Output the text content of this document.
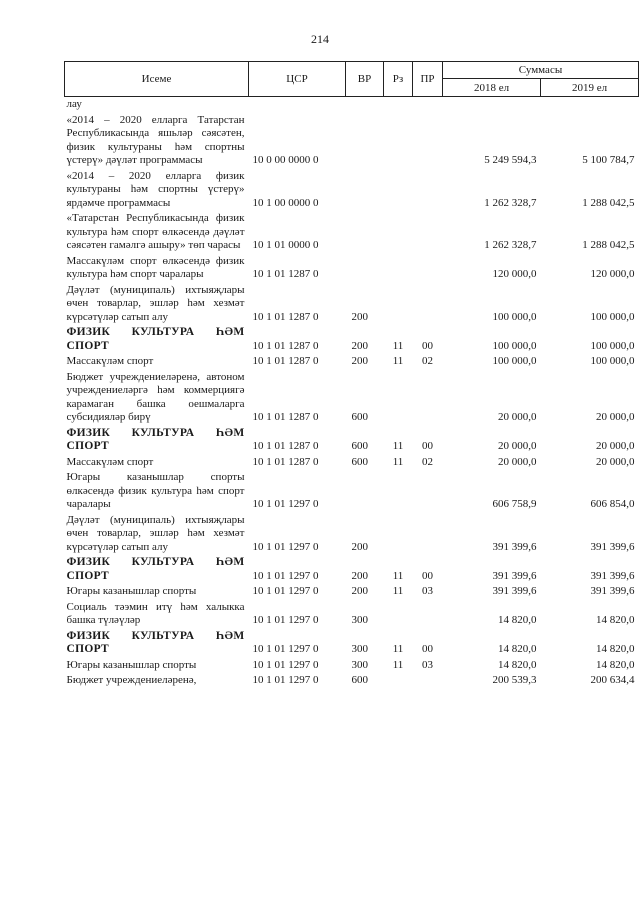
214
Исеме	ЦСР	ВР	Рз	ПР	Суммасы	
					2018 ел	2019 ел
лау						
«2014 – 2020 елларга Татарстан Республикасында яшьләр сәясәтен, физик культураны һәм спортны үстерү» дәүләт программасы	10 0 00 0000 0				5 249 594,3	5 100 784,7
«2014 – 2020 елларга физик культураны һәм спортны үстерү» ярдәмче программасы	10 1 00 0000 0				1 262 328,7	1 288 042,5
«Татарстан Республикасында физик культура һәм спорт өлкәсендә дәүләт сәясәтен гамәлгә ашыру» төп чарасы	10 1 01 0000 0				1 262 328,7	1 288 042,5
Массакүләм спорт өлкәсендә физик культура һәм спорт чаралары	10 1 01 1287 0				120 000,0	120 000,0
Дәүләт (муниципаль) ихтыяҗлары өчен товарлар, эшләр һәм хезмәт күрсәтүләр сатып алу	10 1 01 1287 0	200			100 000,0	100 000,0
ФИЗИК КУЛЬТУРА ҺӘМ СПОРТ	10 1 01 1287 0	200	11	00	100 000,0	100 000,0
Массакүләм спорт	10 1 01 1287 0	200	11	02	100 000,0	100 000,0
Бюджет учреждениеләренә, автоном учреждениеләргә һәм коммерциягә карамаган башка оешмаларга субсидияләр бирү	10 1 01 1287 0	600			20 000,0	20 000,0
ФИЗИК КУЛЬТУРА ҺӘМ СПОРТ	10 1 01 1287 0	600	11	00	20 000,0	20 000,0
Массакүләм спорт	10 1 01 1287 0	600	11	02	20 000,0	20 000,0
Югары казанышлар спорты өлкәсендә физик культура һәм спорт чаралары	10 1 01 1297 0				606 758,9	606 854,0
Дәүләт (муниципаль) ихтыяҗлары өчен товарлар, эшләр һәм хезмәт күрсәтүләр сатып алу	10 1 01 1297 0	200			391 399,6	391 399,6
ФИЗИК КУЛЬТУРА ҺӘМ СПОРТ	10 1 01 1297 0	200	11	00	391 399,6	391 399,6
Югары казанышлар спорты	10 1 01 1297 0	200	11	03	391 399,6	391 399,6
Социаль тәэмин итү һәм халыкка башка түләүләр	10 1 01 1297 0	300			14 820,0	14 820,0
ФИЗИК КУЛЬТУРА ҺӘМ СПОРТ	10 1 01 1297 0	300	11	00	14 820,0	14 820,0
Югары казанышлар спорты	10 1 01 1297 0	300	11	03	14 820,0	14 820,0
Бюджет учреждениеләренә,	10 1 01 1297 0	600			200 539,3	200 634,4
